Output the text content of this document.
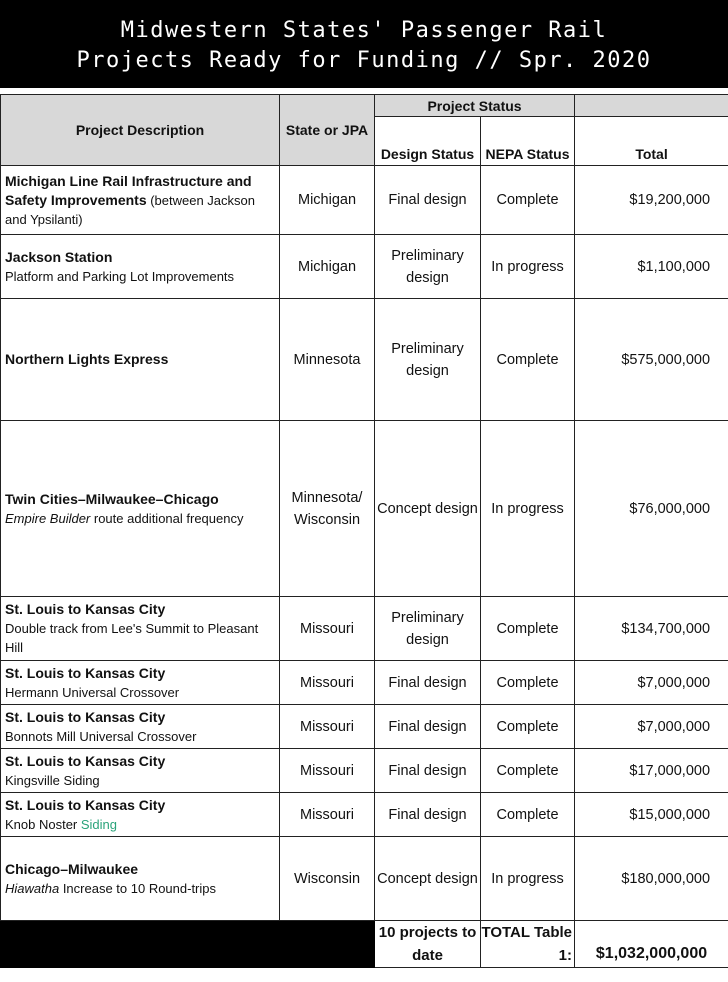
Midwestern States' Passenger Rail
Projects Ready for Funding // Spr. 2020
Project Description	State or JPA	Project Status		
		Design Status	NEPA Status	Total
Michigan Line Rail Infrastructure and Safety Improvements (between Jackson and Ypsilanti)	Michigan	Final design	Complete	$19,200,000

Jackson Station
Platform and Parking Lot Improvements	Michigan	Preliminary design	In progress	$1,100,000

Northern Lights Express	Minnesota	Preliminary design	Complete	$575,000,000

Twin Cities–Milwaukee–Chicago
Empire Builder route additional frequency	Minnesota/ Wisconsin	Concept design	In progress	$76,000,000

St. Louis to Kansas City
Double track from Lee's Summit to Pleasant Hill	Missouri	Preliminary design	Complete	$134,700,000

St. Louis to Kansas City
Hermann Universal Crossover	Missouri	Final design	Complete	$7,000,000

St. Louis to Kansas City
Bonnots Mill Universal Crossover	Missouri	Final design	Complete	$7,000,000

St. Louis to Kansas City
Kingsville Siding	Missouri	Final design	Complete	$17,000,000

St. Louis to Kansas City
Knob Noster Siding	Missouri	Final design	Complete	$15,000,000

Chicago–Milwaukee
Hiawatha Increase to 10 Round-trips	Wisconsin	Concept design	In progress	$180,000,000
		10 projects to date	TOTAL Table 1:	$1,032,000,000
